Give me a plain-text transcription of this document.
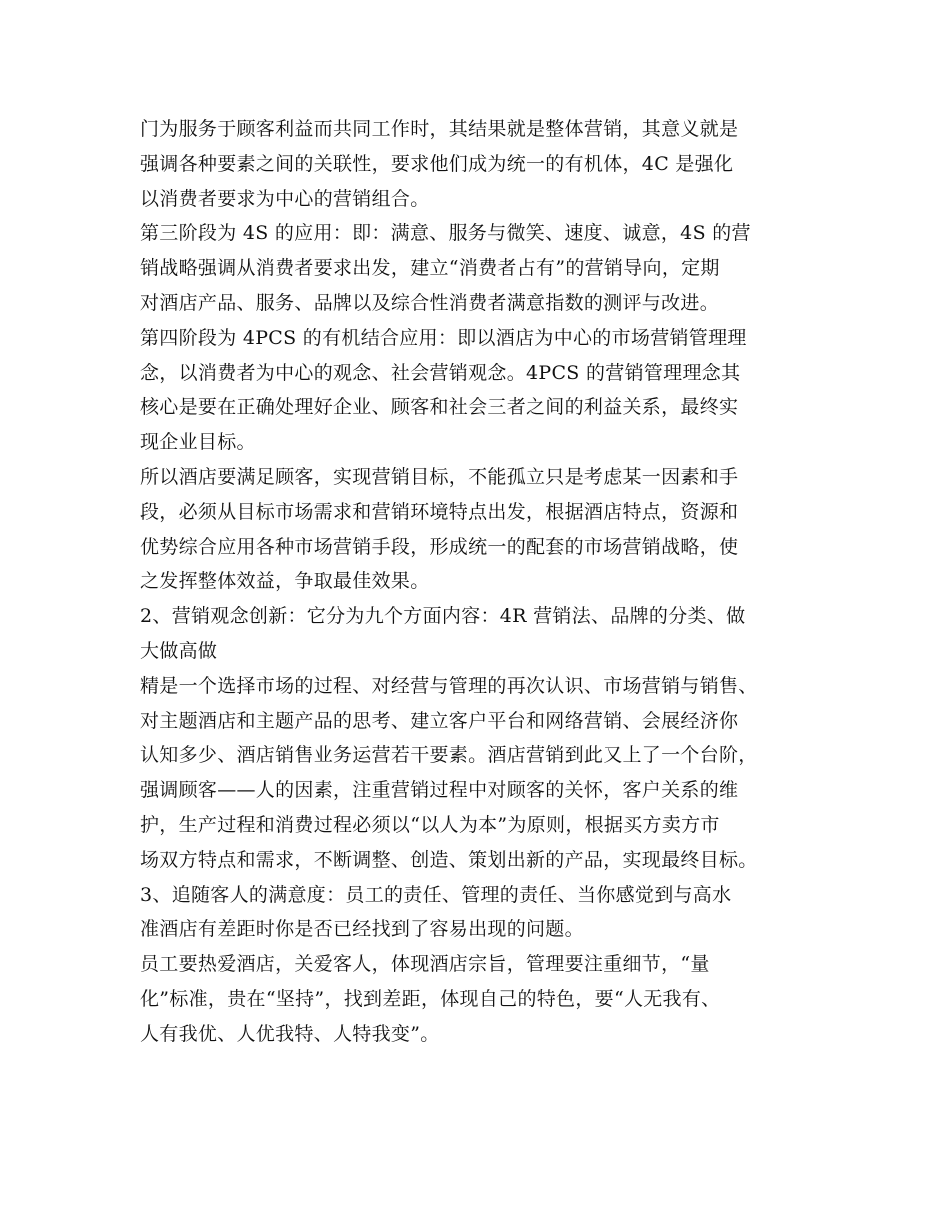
门为服务于顾客利益而共同工作时，其结果就是整体营销，其意义就是
强调各种要素之间的关联性，要求他们成为统一的有机体，4C 是强化
以消费者要求为中心的营销组合。
第三阶段为 4S 的应用：即：满意、服务与微笑、速度、诚意，4S 的营
销战略强调从消费者要求出发，建立“消费者占有”的营销导向，定期
对酒店产品、服务、品牌以及综合性消费者满意指数的测评与改进。
第四阶段为 4PCS 的有机结合应用：即以酒店为中心的市场营销管理理
念，以消费者为中心的观念、社会营销观念。4PCS 的营销管理理念其
核心是要在正确处理好企业、顾客和社会三者之间的利益关系，最终实
现企业目标。
所以酒店要满足顾客，实现营销目标，不能孤立只是考虑某一因素和手
段，必须从目标市场需求和营销环境特点出发，根据酒店特点，资源和
优势综合应用各种市场营销手段，形成统一的配套的市场营销战略，使
之发挥整体效益，争取最佳效果。
2、营销观念创新：它分为九个方面内容：4R 营销法、品牌的分类、做
大做高做
精是一个选择市场的过程、对经营与管理的再次认识、市场营销与销售、
对主题酒店和主题产品的思考、建立客户平台和网络营销、会展经济你
认知多少、酒店销售业务运营若干要素。酒店营销到此又上了一个台阶，
强调顾客——人的因素，注重营销过程中对顾客的关怀，客户关系的维
护，生产过程和消费过程必须以“以人为本”为原则，根据买方卖方市
场双方特点和需求，不断调整、创造、策划出新的产品，实现最终目标。
3、追随客人的满意度：员工的责任、管理的责任、当你感觉到与高水
准酒店有差距时你是否已经找到了容易出现的问题。
员工要热爱酒店，关爱客人，体现酒店宗旨，管理要注重细节，“量
化”标准，贵在“坚持”，找到差距，体现自己的特色，要“人无我有、
人有我优、人优我特、人特我变”。
